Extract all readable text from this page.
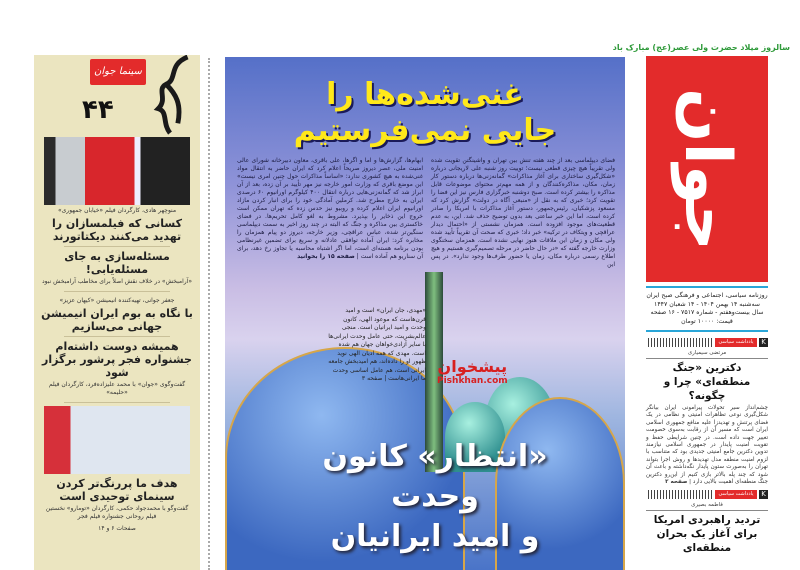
سینما جوان
۴۴
منوچهر هادی، کارگردان فیلم «خیابان جمهوری»
کسانی که فیلمسازان را تهدید می‌کنند دیکتاتورند
مسئله‌سازی به جای مسئله‌یابی!
«آرامبخش» در خلاف نقش اصلاً برای مخاطب آرامبخش نبود
جعفر جوانی، تهیه‌کننده انیمیشن «کیهان عزیز»
با نگاه به بوم ایران انیمیشن جهانی می‌سازیم
همیشه دوست داشته‌ام جشنواره فجر پرشور برگزار شود
گفت‌وگوی «جوان» با محمد علیزاده‌فرد، کارگردان فیلم «حلیمه»
هدف ما پررنگ‌تر کردن سینمای توحیدی است
گفت‌وگو با محمدجواد حکمی، کارگردان «تومارو» نخستین فیلم روحانی جشنواره فیلم فجر
صفحات ۶ و ۱۴
غنی‌شده‌ها را
جایی نمی‌فرستیم
فضای دیپلماسی بعد از چند هفته تنش بین تهران و واشینگتن تقویت شده ولی تقریباً هیچ چیزی قطعی نیست؛ توییت روز شنبه علی لاریجانی درباره «شکل‌گیری ساختاری برای آغاز مذاکرات» گمانه‌زنی‌ها درباره دستور کار زمان، مکان، مذاکره‌کنندگان و از همه مهم‌تر محتوای موضوعات قابل مذاکره را بیشتر کرده است. صبح دوشنبه خبرگزاری فارس نیز این فضا را تقویت کرد؛ خبری که به نقل از «منبعی آگاه در دولت» گزارش کرد که مسعود پزشکیان، رئیس‌جمهور، دستور آغاز مذاکرات با امریکا را صادر کرده است، اما این خبر ساعتی بعد بدون توضیح حذف شد. این، به عدم قطعیت‌های موجود افزوده است. همزمان نشستی از «احتمال دیدار عراقچی و ویتکاف در ترکیه» خبر داد؛ خبری که صحت آن تقریباً تأیید شده ولی مکان و زمان این ملاقات هنوز نهایی نشده است. همزمان سخنگوی وزارت خارجه گفته که «در حال حاضر در مرحله تصمیم‌گیری هستیم و هیچ اطلاع رسمی درباره مکان، زمان یا حضور طرف‌ها وجود ندارد». در پس این
ابهام‌ها، گزارش‌ها و اما و اگرها، علی باقری، معاون دبیرخانه شورای عالی امنیت ملی، عصر دیروز صریحاً اعلام کرد که ایران حاضر به انتقال مواد غنی‌شده به هیچ کشوری ندارد: «اساساً مذاکرات حول چنین امری نیست» این موضع باقری که وزارت امور خارجه نیز مهر تأیید بر آن زده، بعد از آن ابراز شد که گمانه‌زنی‌هایی درباره انتقال ۴۰۰ کیلوگرم اورانیوم ۶۰ درصدی ایران به خارج مطرح شد. کرملین آمادگی خود را برای انبار کردن مازاد اورانیوم ایران اعلام کرده و روبیو نیز حدس زده که تهران ممکن است خروج این ذخایر را بپذیرد. مشروط به لغو کامل تحریم‌ها. در فضای خاکستری بین مذاکره و جنگ که البته در چند روز اخیر به سمت دیپلماسی سنگین‌تر شده، عباس عراقچی، وزیر خارجه، دیروز دو پیام همزمان را مخابره کرد: ایران آماده توافقی عادلانه و سریع برای تضمین غیرنظامی بودن برنامه هسته‌ای است، اما اگر اشتباه محاسبه یا تجاوز رخ دهد، برای آن سناریو هم آماده است | صفحه ۱۵ را بخوانید
«مهدی، جان ایران» است و امید قرن‌هاست که موعود الهی، کانون وحدت و امید ایرانیان است. منجی عالم‌بشریت، حتی عامل وحدت ایرانی‌ها با سایر آزادی‌خواهان جهان هم شده است. مهدی که همه ادیان الهی نوید ظهور او را داده‌اند، هم امیدبخش جامعه ایرانی است، هم عامل اساسی وحدت ما ایرانی‌هاست | صفحه ۳
پیشخوان
Pishkhan.com
«انتظار» کانون وحدت
و امید ایرانیان
سالروز میلاد حضرت ولی عصر(عج) مبارک باد
جوان
روزنامه سیاسی، اجتماعی و فرهنگی صبح ایران
سه‌شنبه ۱۴ بهمن ۱۴۰۴ - ۱۴ شعبان ۱۴۴۷
سال بیست‌وهفتم - شماره ۷۵۱۷ - ۱۶ صفحه
قیمت: ۱۰۰۰۰ تومان
K
یادداشت سیاسی
مرتضی سیمیاری
دکترین «جنگ منطقه‌ای» چرا و چگونه؟
چشم‌انداز سیر تحولات پیرامونی ایران بیانگر شکل‌گیری نوعی تظاهرات امنیتی و نظامی در یک فضای پرتنش و تهدیدزا علیه منافع جمهوری اسلامی ایران است که مسیر آن از رقابت به‌سوی خصومت تغییر جهت داده است. در چنین شرایطی حفظ و تقویت امنیت پایدار در جمهوری اسلامی نیازمند تدوین دکترین جامع امنیتی جدیدی بود که متناسب با لزوم امنیت منطقه مدل تهدیدها و روش اجرا بتواند تهران را به‌صورت ستون پایدار نگه‌داشته و باعث آن شود که چند پله بالاتر بازی کنیم از این‌رو دکترین جنگ منطقه‌ای اهمیت بالایی دارد | صفحه ۲
K
یادداشت سیاسی
فاطمه بصیری
تردید راهبردی امریکا برای آغاز یک بحران منطقه‌ای
